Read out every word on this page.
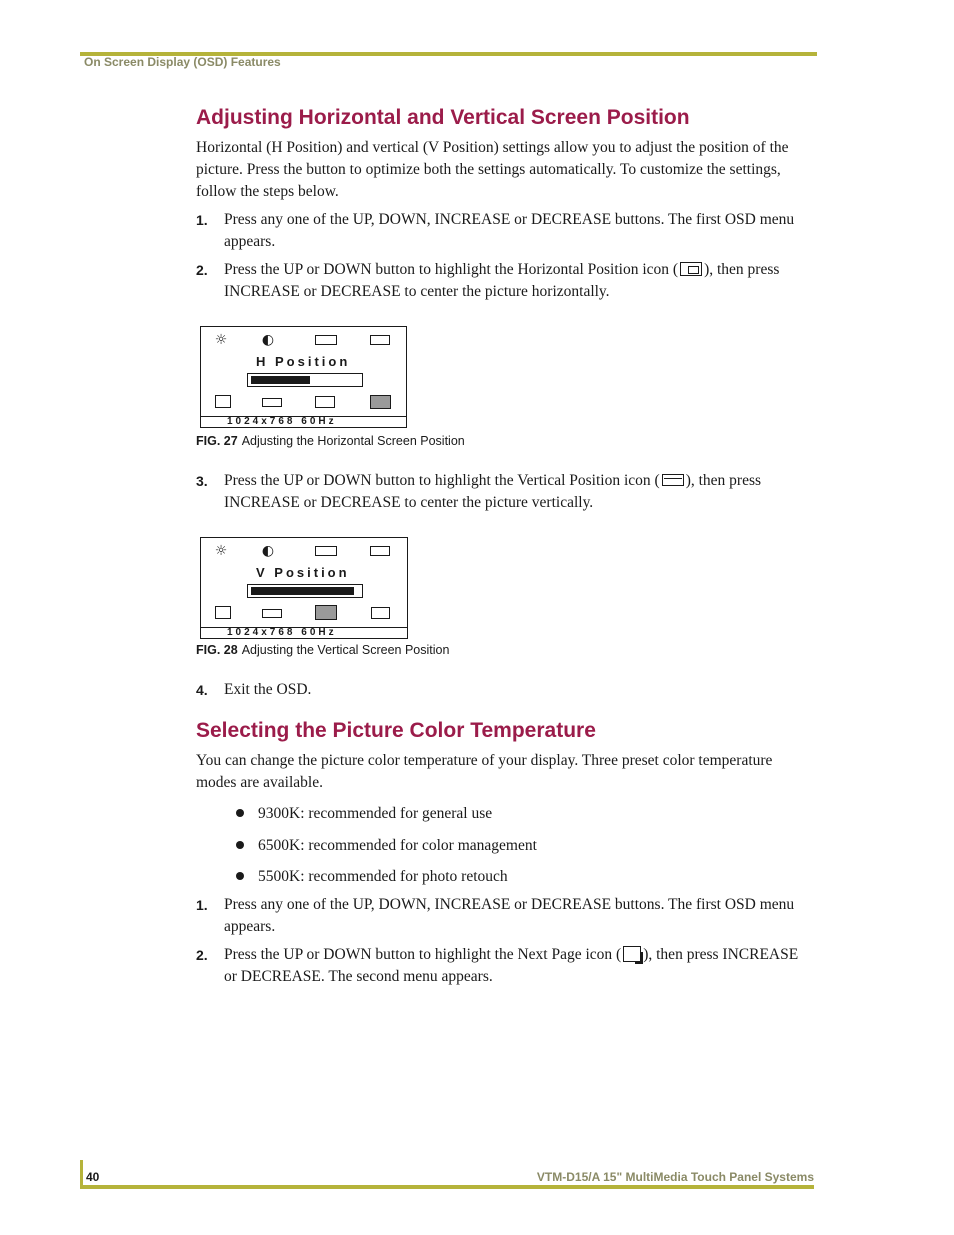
On Screen Display (OSD) Features
Adjusting Horizontal and Vertical Screen Position
Horizontal (H Position) and vertical (V Position) settings allow you to adjust the position of the picture. Press the button to optimize both the settings automatically. To customize the settings, follow the steps below.
1. Press any one of the UP, DOWN, INCREASE or DECREASE buttons. The first OSD menu appears.
2. Press the UP or DOWN button to highlight the Horizontal Position icon ( ), then press INCREASE or DECREASE to center the picture horizontally.
☼ ◐
H Position
1024x768 60Hz
FIG. 27 Adjusting the Horizontal Screen Position
3. Press the UP or DOWN button to highlight the Vertical Position icon ( ), then press INCREASE or DECREASE to center the picture vertically.
☼ ◐
V Position
1024x768 60Hz
FIG. 28 Adjusting the Vertical Screen Position
4. Exit the OSD.
Selecting the Picture Color Temperature
You can change the picture color temperature of your display. Three preset color temperature modes are available.
9300K: recommended for general use
6500K: recommended for color management
5500K: recommended for photo retouch
1. Press any one of the UP, DOWN, INCREASE or DECREASE buttons. The first OSD menu appears.
2. Press the UP or DOWN button to highlight the Next Page icon ( ), then press INCREASE or DECREASE. The second menu appears.
40	VTM-D15/A 15" MultiMedia Touch Panel Systems
